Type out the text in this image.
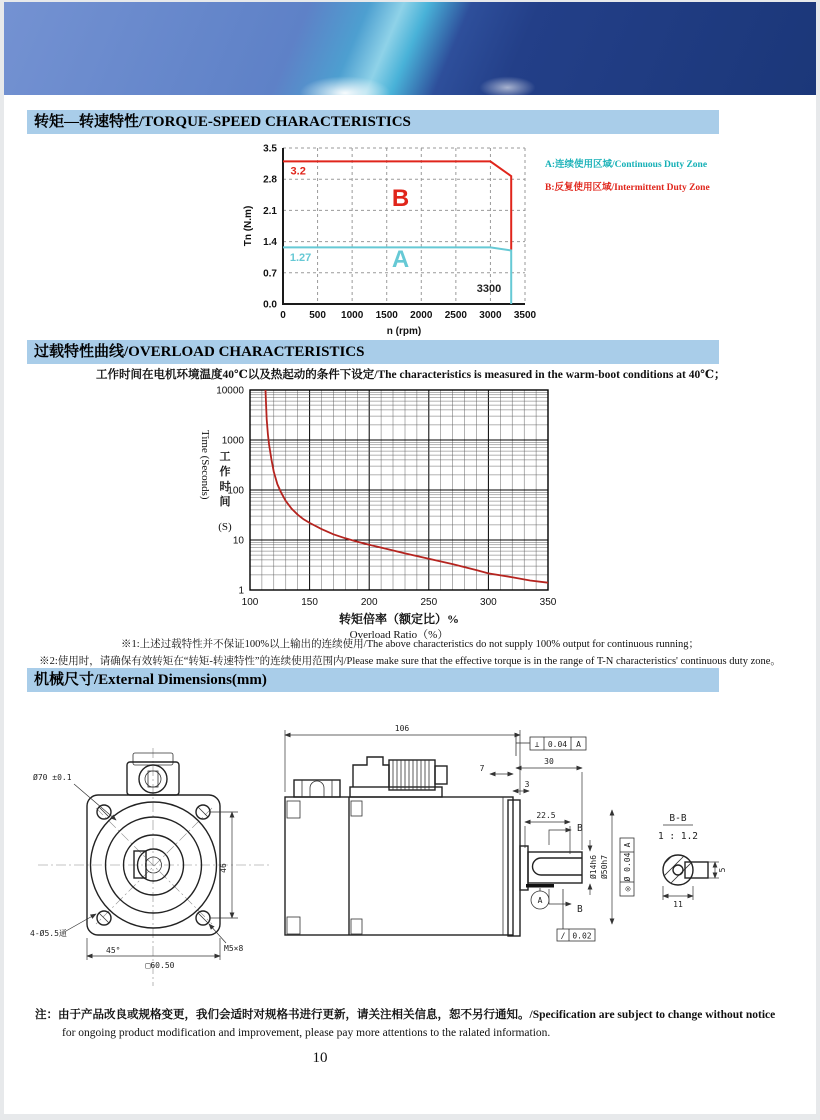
转矩—转速特性/TORQUE-SPEED CHARACTERISTICS
0 500 1000 1500 2000 2500 3000 3500
0.0
0.7
1.4
2.1
2.8
3.5
3.2
1.27
B
A
3300
Tn (N.m)
n (rpm)
A:连续使用区域/Continuous Duty Zone
B:反复使用区域/Intermittent Duty Zone
过载特性曲线/OVERLOAD CHARACTERISTICS
工作时间在电机环境温度40℃以及热起动的条件下设定/The characteristics is measured in the warm-boot conditions at 40℃；
1
10
100
1000
10000
100	150	200	250	300	350
Time (Seconds) 工
作
时
间
(S)
转矩倍率（额定比）%
Overload Ratio（%）
※1:上述过载特性并不保证100%以上输出的连续使用/The above characteristics do not supply 100% output for continuous running；
※2:使用时，请确保有效转矩在“转矩-转速特性”的连续使用范围内/Please make sure that the effective torque is in the range of T-N characteristics' continuous duty zone。
机械尺寸/External Dimensions(mm)
Ø70 ±0.1
46
4-Ø5.5通
45°
□60.50
M5×8
106
⊥ 0.04 A
30
7
3
22.5
B
B
A
Ø14h6 Ø50h7
A
Ø 0.04
◎
/ 0.02
B-B
1 : 1.2
5
11
注：由于产品改良或规格变更，我们会适时对规格书进行更新，请关注相关信息，恕不另行通知。/Specification are subject to change without notice
for ongoing product modification and improvement, please pay more attentions to the ralated information.
10
